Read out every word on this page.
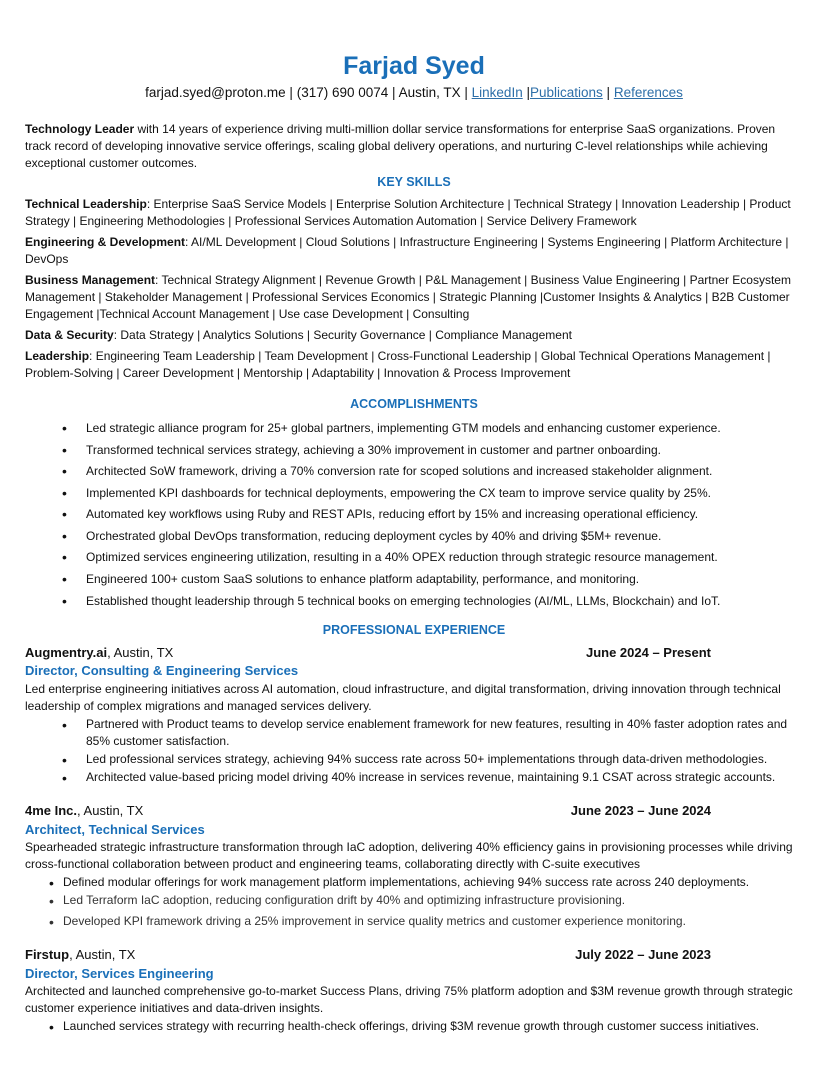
Farjad Syed
farjad.syed@proton.me | (317) 690 0074 | Austin, TX | LinkedIn |Publications | References
Technology Leader with 14 years of experience driving multi-million dollar service transformations for enterprise SaaS organizations. Proven track record of developing innovative service offerings, scaling global delivery operations, and nurturing C-level relationships while achieving exceptional customer outcomes.
KEY SKILLS
Technical Leadership: Enterprise SaaS Service Models | Enterprise Solution Architecture | Technical Strategy | Innovation Leadership | Product Strategy | Engineering Methodologies | Professional Services Automation Automation | Service Delivery Framework
Engineering & Development: AI/ML Development | Cloud Solutions | Infrastructure Engineering | Systems Engineering | Platform Architecture | DevOps
Business Management: Technical Strategy Alignment | Revenue Growth | P&L Management | Business Value Engineering | Partner Ecosystem Management | Stakeholder Management | Professional Services Economics | Strategic Planning |Customer Insights & Analytics | B2B Customer Engagement |Technical Account Management | Use case Development | Consulting
Data & Security: Data Strategy | Analytics Solutions | Security Governance | Compliance Management
Leadership: Engineering Team Leadership | Team Development | Cross-Functional Leadership | Global Technical Operations Management | Problem-Solving | Career Development | Mentorship | Adaptability | Innovation & Process Improvement
ACCOMPLISHMENTS
• Led strategic alliance program for 25+ global partners, implementing GTM models and enhancing customer experience.
• Transformed technical services strategy, achieving a 30% improvement in customer and partner onboarding.
• Architected SoW framework, driving a 70% conversion rate for scoped solutions and increased stakeholder alignment.
• Implemented KPI dashboards for technical deployments, empowering the CX team to improve service quality by 25%.
• Automated key workflows using Ruby and REST APIs, reducing effort by 15% and increasing operational efficiency.
• Orchestrated global DevOps transformation, reducing deployment cycles by 40% and driving $5M+ revenue.
• Optimized services engineering utilization, resulting in a 40% OPEX reduction through strategic resource management.
• Engineered 100+ custom SaaS solutions to enhance platform adaptability, performance, and monitoring.
• Established thought leadership through 5 technical books on emerging technologies (AI/ML, LLMs, Blockchain) and IoT.
PROFESSIONAL EXPERIENCE
Augmentry.ai, Austin, TX	June 2024 – Present
Director, Consulting & Engineering Services
Led enterprise engineering initiatives across AI automation, cloud infrastructure, and digital transformation, driving innovation through technical leadership of complex migrations and managed services delivery.
• Partnered with Product teams to develop service enablement framework for new features, resulting in 40% faster adoption rates and 85% customer satisfaction.
• Led professional services strategy, achieving 94% success rate across 50+ implementations through data-driven methodologies.
• Architected value-based pricing model driving 40% increase in services revenue, maintaining 9.1 CSAT across strategic accounts.
4me Inc., Austin, TX	June 2023 – June 2024
Architect, Technical Services
Spearheaded strategic infrastructure transformation through IaC adoption, delivering 40% efficiency gains in provisioning processes while driving cross-functional collaboration between product and engineering teams, collaborating directly with C-suite executives
• Defined modular offerings for work management platform implementations, achieving 94% success rate across 240 deployments.
• Led Terraform IaC adoption, reducing configuration drift by 40% and optimizing infrastructure provisioning.
• Developed KPI framework driving a 25% improvement in service quality metrics and customer experience monitoring.
Firstup, Austin, TX	July 2022 – June 2023
Director, Services Engineering
Architected and launched comprehensive go-to-market Success Plans, driving 75% platform adoption and $3M revenue growth through strategic customer experience initiatives and data-driven insights.
• Launched services strategy with recurring health-check offerings, driving $3M revenue growth through customer success initiatives.
